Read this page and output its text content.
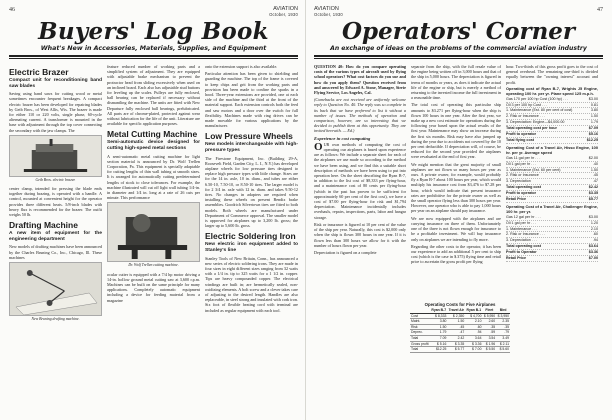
46	AVIATION
October, 1930
Buyers' Log Book
What's New in Accessories, Materials, Supplies, and Equipment
Electric Brazer
Compact unit for reconditioning band saw blades

Saving using band saws for cutting wood or metal sometimes encounter frequent breakages. A compact electric brazer has been developed for repairing blades by Geib Bros., of West Allis, Wis. The brazer is made for either 110 or 220 volts, single phase, 60-cycle alternating current. A transformer is mounted in the base with adjustment through the top cover connecting the secondary with the jaw clamps. The

Geib Bros. electric brazer.

center clamp, intended for pressing the blade ends together during brazing, is operated with a handle. A control, mounted at convenient height for the operator provides three different heats. 5/8-inch blades with heavy flux is recommended for the brazer. The outfit weighs 50 lb.

Drafting Machine
A new item of equipment for the engineering department

New models of drafting machines have been announced by the Charles Bruning Co., Inc., Chicago, Ill. These machines

New Bruning drafting machine.

feature reduced number of working parts and a simplified system of adjustment. They are equipped with adjustable brake mechanism to prevent the protractor head from sliding excessively when used on an inclined board. Each also has adjustable stud buttons for leveling up the scales. Pulleys are fully enclosed, ball bearing can be replaced if necessary without dismantling the machine. The units are fitted with New Departure fully enclosed ball bearings, prelubricated. All parts are of chrome-plated, protected against wear without lubrication for the life of the unit. Literature are available for specific application purposes.

Metal Cutting Machine
Semi-automatic device designed for cutting high-speed metal sections

A semi-automatic metal cutting machine for light section material is announced by Dr. Wolf Trellen Corporation, Pa. This equipment is specially adaptable for cutting lengths of thin wall tubing at smooth sizes. It is arranged for automatically cutting predetermined lengths of stock to close tolerances. For example, the machine illustrated will cut off light wall tubing 1/4-in. in diameter and 1/4 in. long at a rate of 26 cuts per minute. This performance

Dr. Wolf Trellen cutting machine.

ocular cutter is equipped with a 7/4 hp motor driving a 14-in. hollow ground metal cutting saw at 3,600 r.p.m. Machines can be built on the same principle for many applications. Completely automatic equipment including a device for feeding material from a magazine

onto the extension support is also available.

Particular attention has been given to shielding and guarding the machine. The top of the frame is covered to keep chips and grit from the working parts and provision has been made to confine the sparks in a hood. Three-year extensions are provided, one at each side of the machine and the third at the front of the material support. Each extension controls both the feed and saw motors and a door over the switch for full flexibility. Machines made with ring drives can be made movable for various applications by the manufacturer.

Low Pressure Wheels
New models interchangeable with high-pressure types

The Firestone Equipment, Inc. (Building 29-A, Roosevelt Field, Garden City, L. I., N.Y.) has developed airplane wheels for low pressure tires designed to replace high pressure types with little change. Sizes are for the 14 in. axle, 10 in. diam., and tubes are either 6.50-10, 7.50-10, or 8.50-10 tires. The larger model is for 2 3/4 in. axle with 12 in. diam. and takes 9.50-12 tires. No changes in adapters are required when installing these wheels on present Bendix brake assemblies. Goodrich Silvertown tires are fitted to both models. Both wheels are manufactured under Department of Commerce approval. The smaller model is approved for airplanes up to 3,200 lb. gross; the larger up to 5,600 lb. gross.

Electric Soldering Iron
New electric iron equipment added to Stanley's line

Stanley Tools of New Britain, Conn., has announced a new series of electric soldering irons. They are made in four sizes in eight different sizes ranging from 32 watts with a 1/4 in. tip to 325 watts for a 1 1/2 in. copper. Tips are heavy compounded copper. The electrical windings are built in; are hermetically sealed, non-oxidizing elements. A bolt screw and a clever takes care of adjusting to the desired length. Handles are also replaceable, in steel strong and insulated with cork iron. Six foot of flexible heating cord with terminal are included as regular equipment with each tool.

AVIATION
October, 1930
47
Operators' Corner
An exchange of ideas on the problems of the commercial aviation industry

QUESTION 40: How do you compare operating costs of the various types of aircraft used by flying school operators? What cost factors do you use and how do you apply them? Question received from and answered by Edward A. Stone, Manager, Sirrie Flying Service, Los Angeles, Cal.

(Comebacks are not received are uniformly welcome reply to Question No. 40. The reply was so complete in its back that we have preferred to list it without a number of issues. The methods of operation and comparison, however, are so interesting that we decided to publish them at this opportunity. They are invited herewith. — Ed.)

Experience in cost computing

OUR own methods of computing the cost of operating our airplanes is based upon experience are as follows: We include a separate sheet for each of the airplanes we use made so according to the method we have been using, and we find this a suitable short description of methods we have been using to put into operation here. On the sheet describing the Ryan B-7, in addition to the list cost of $8,333 per flying-hour, and a maintenance cost of 80 cents per flying-hour (which in the past has proven to be sufficient for approximately 60 per cent of the first cost), we have a cost of $7.00 per flying-hour for risk and $1,794 depreciation. Maintenance incidentally includes overhauls, repairs, inspections, parts, labor and hangar storage.

Risk or insurance is figured at 10 per cent of the value of the ship per year. Naturally, this cost is $2,000 only when the ship is flown 300 hours in one year. If it is flown less than 300 hours we allow for it with the number of hours flown per year.

Depreciation is figured on a complete

separate from the ship, with the full resale value of the engine being written off in 3,000 hours and that of the ship in 5,000 hours. The depreciation is figured in terms of months or years, as does it indicate the actual life of the engine or ship, but is merely a method of returning to the invested income the full investment in a reasonable time.

The total cost of operating this particular ship amounts to $3.271 per flying-hour when the ship is flown 100 hours in one year. After the first year, we make up a new cost estimate for operations during the following year based upon the actual results of the first year. Maintenance may show an increase during the first six months. Risk may have also jumped up during the year due to accidents not covered by the 10 per cent deductible. If depreciation will, of course, be reduced for the second year provided the airplanes were revaluated at the end of first year.

We might mention that the great majority of small airplanes are not flown so many hours per year as ours. A private owner, for example, would probably fly a Ryan B-7 about 100 hours per year, which would multiply his insurance cost from $3,476 to $7.28 per hour, which would indicate that present insurance rates are prohibitive for the private owner as well as the small operator flying less than 300 hours per year. However, one operator who is able to pay 1,000 hours per year on an airplane should pay insurance.

We are now equipped with the airplanes and are carrying insurance on three of them. Unfortunately one of the three is not flown enough for insurance to be a profitable investment. We will buy insurance only on airplanes we are intending to fly more.

Regarding the other costs to the operator, it has been our experience to add an additional 5 per cent to ship cost (which is the case in $.375) flying time and retail price to ascertain the gross profit per flying

hour. Two-thirds of this gross profit goes to the cost of general overhead. The remaining one-third is divided equally between the "owning interest" account and profit.

Operating cost of Ryan B-7, Wrights J5 Engine, operating 100 hr. per yr. Plane speed 125 m.p.h.
Gas 170 per 100 hp Cost (100 hp) . . .	$3.00
Oil 3 per 100 hp Cost . . .	0.81
1. Maintenance (Est. 80 per cent of cost)	3.80
2. Risk or Insurance . . .	1.50
3. Depreciation: Engine—$4,000.00	1.79
Total operating cost per hour	$7.09
Profit to operator	$5.16
Total flying cost	$12.25
Operating Cost of a Travel Air, Hisso Engine, 100 hr. per yr. Average speed
Gas 11 gal per hr . . .	$2.00
Oil 1 gal per hr . . .	.40
1. Maintenance (Est. 60 per cent)	1.50
2. Risk or Insurance	.45
3. Depreciation	.47
Total operating cost	$2.42
Profit to operator	$3.35
Retail Price	$5.77
Operating Cost of a Travel Air, Challenger Engine, 100 hr. per yr.
Gas 12 gal per hr . . .	$3.00
Oil 1 gal per hr . . .	1.20
1. Maintenance . . .	2.10
2. Risk or Insurance . . .	.60
3. Depreciation . . .	.94
Total operating cost	$3.64
Profit to Operator	$3.36
Retail Price	$7.00
Operating Costs for Five Airplanes
	Ryan B-7	Travel Air	Ryan B-1	Fleet	Bird
Cost	$ 8,333	$ 2,350	$ 4,700	$ 5,950	$ 3,950
Maint.	3.80	1.50	2.10	2.60	2.35
Risk	1.50	.45	.60	.35	.35
Deprec.	1.79	.47	.94	.59	.79
Total	7.09	2.42	3.64	3.54	3.49
Gross profit	$ 5.16	$ 3.35	$ 3.36	$ 1.96	$ 2.11
Total	$12.25	$ 5.77	$ 7.00	$ 5.50	$ 5.60
